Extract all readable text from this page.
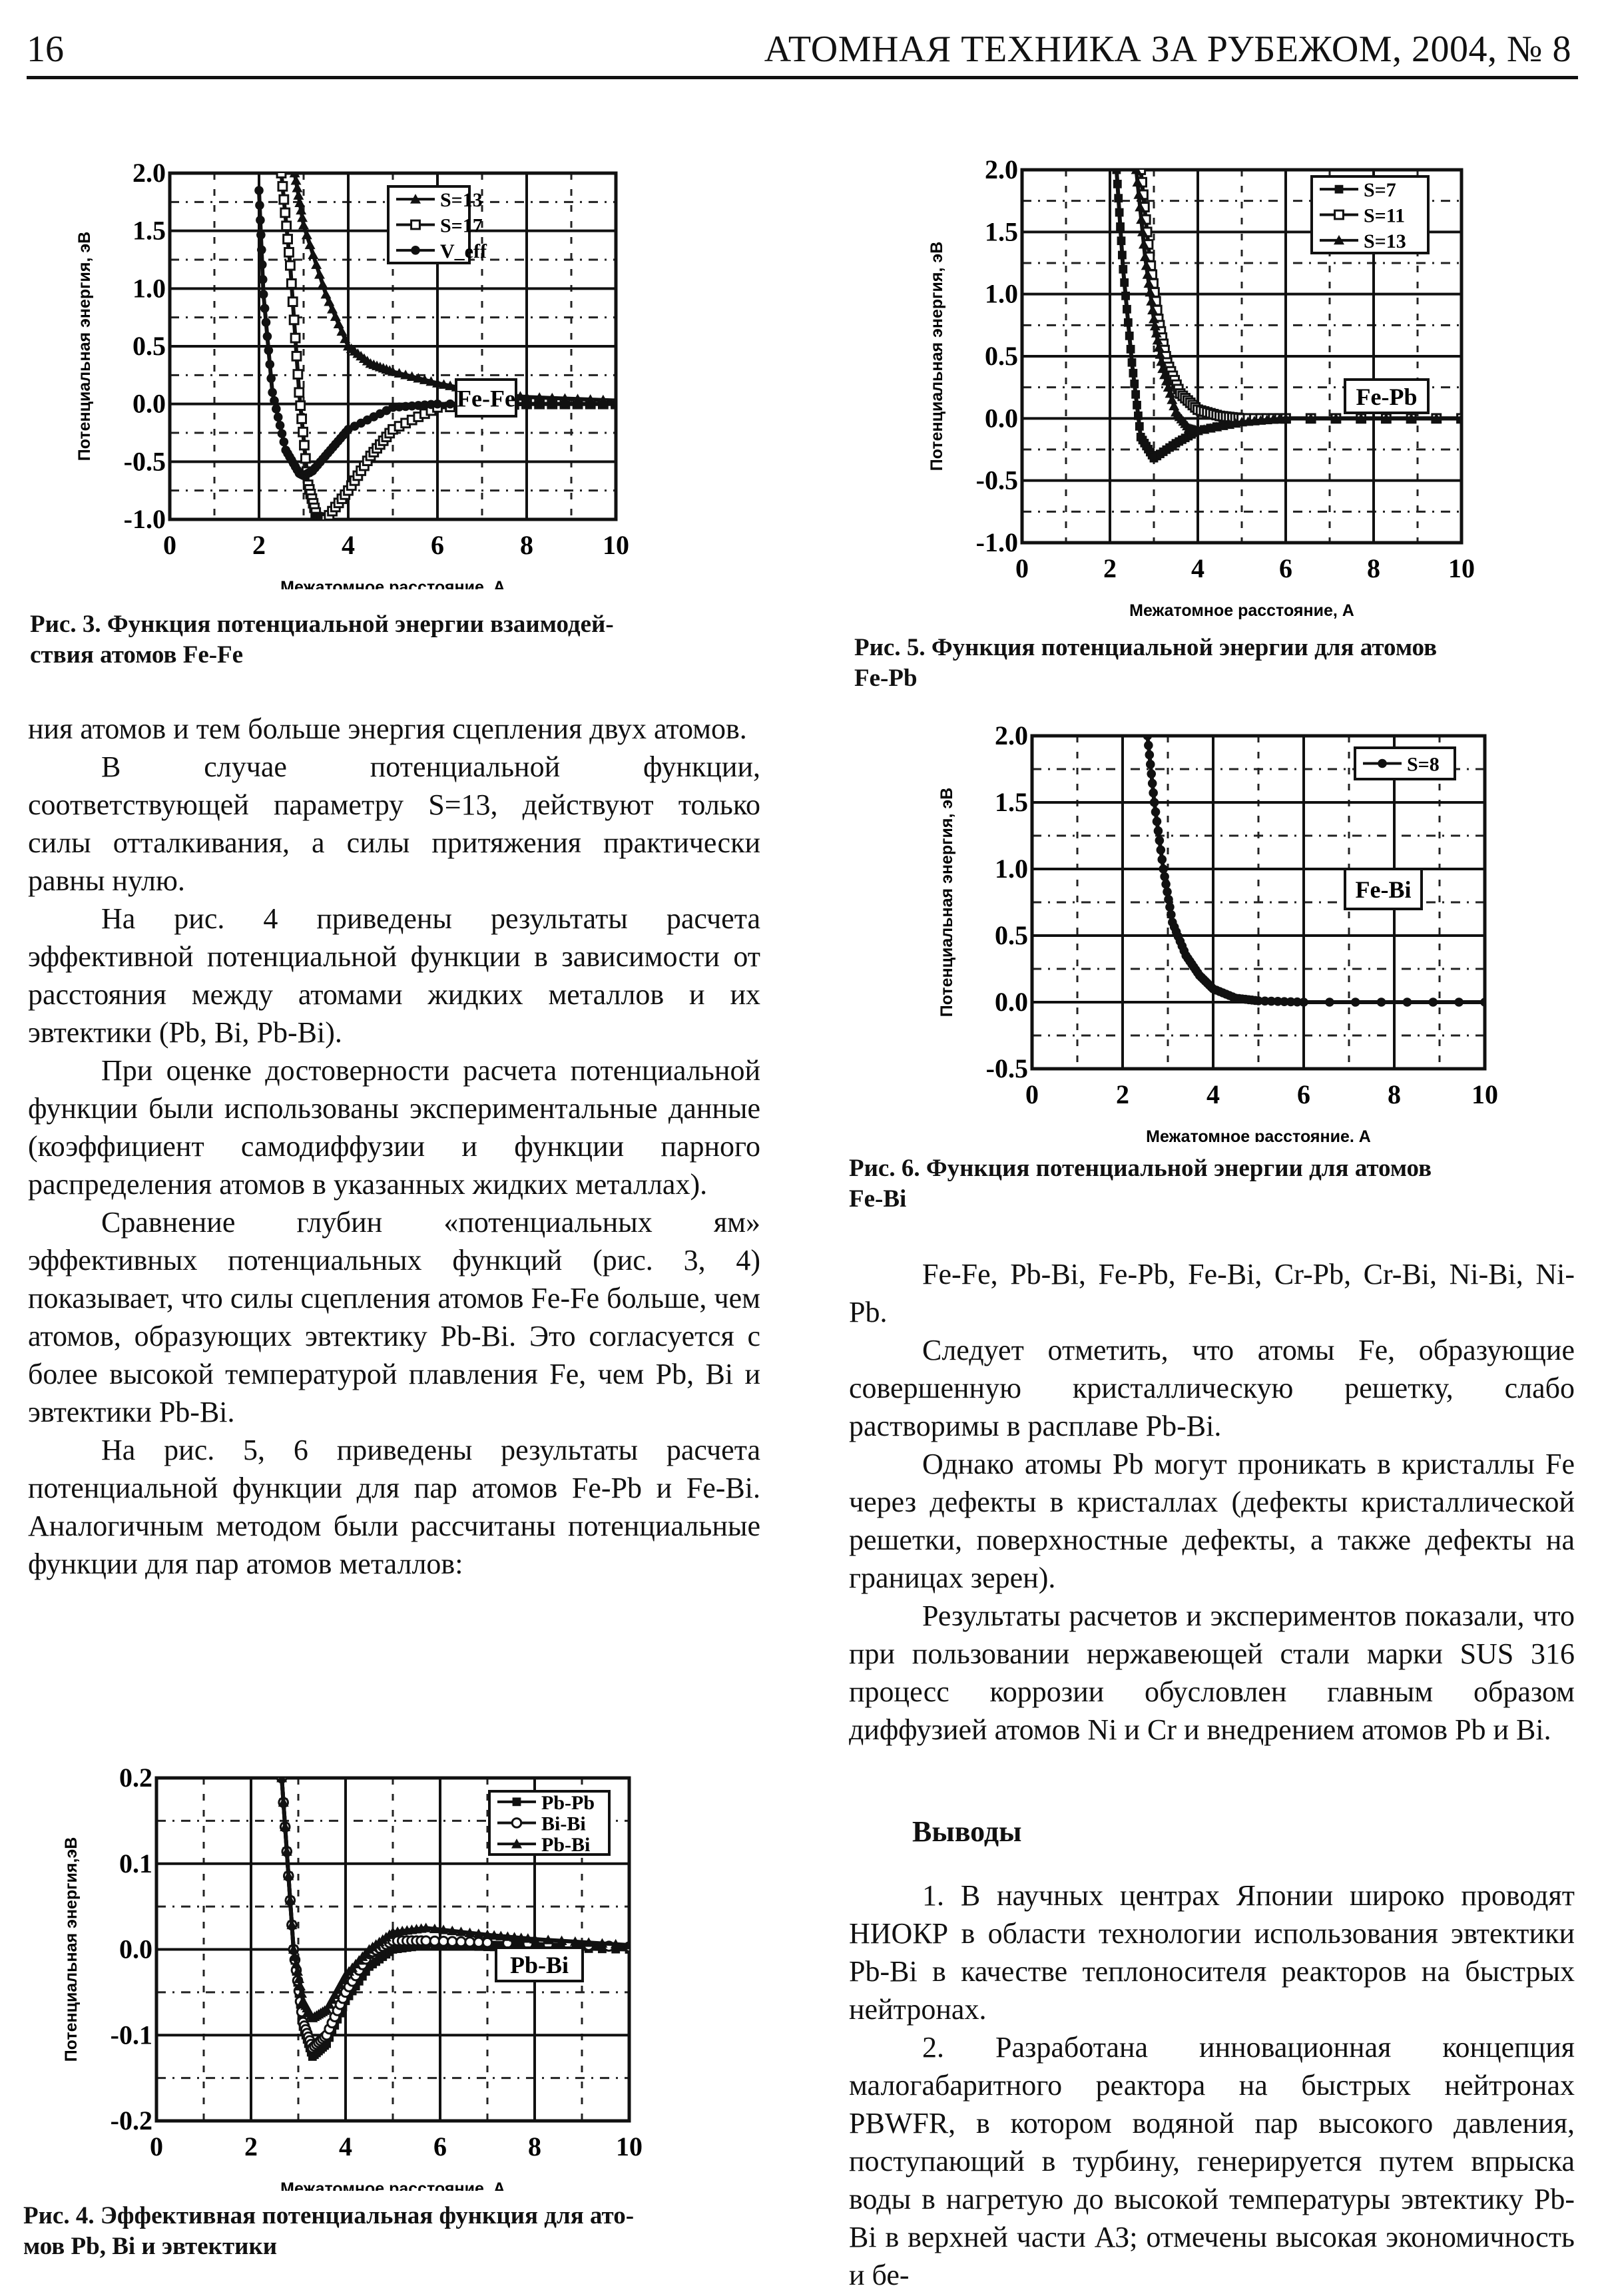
16	АТОМНАЯ ТЕХНИКА ЗА РУБЕЖОМ, 2004, № 8
0	2	4	6	8	10
-1.0
-0.5
0.0
0.5
1.0
1.5
2.0
Межатомное расстояние, А
Потенциальная энергия, эВ
S=13
S=17
V_eff
Fe-Fe
Рис. 3. Функция потенциальной энергии взаимодей-
ствия атомов Fe-Fe

ния атомов и тем больше энергия сцепления двух атомов.

В случае потенциальной функции, соответствующей параметру S=13, действуют только силы отталкивания, а силы притяжения практически равны нулю.

На рис. 4 приведены результаты расчета эффективной потенциальной функции в зависимости от расстояния между атомами жидких металлов и их эвтектики (Pb, Bi, Pb-Bi).

При оценке достоверности расчета потенциальной функции были использованы экспериментальные данные (коэффициент самодиффузии и функции парного распределения атомов в указанных жидких металлах).

Сравнение глубин «потенциальных ям» эффективных потенциальных функций (рис. 3, 4) показывает, что силы сцепления атомов Fe-Fe больше, чем атомов, образующих эвтектику Pb-Bi. Это согласуется с более высокой температурой плавления Fe, чем Pb, Bi и эвтектики Pb-Bi.

На рис. 5, 6 приведены результаты расчета потенциальной функции для пар атомов Fe-Pb и Fe-Bi. Аналогичным методом были рассчитаны потенциальные функции для пар атомов металлов:

0	2	4	6	8	10
-0.2
-0.1
0.0
0.1
0.2
Межатомное расстояние, А
Потенциальная энергия,эВ
Pb-Pb
Bi-Bi
Pb-Bi
Pb-Bi
Рис. 4. Эффективная потенциальная функция для ато-
мов Pb, Bi и эвтектики
0	2	4	6	8	10
-1.0
-0.5
0.0
0.5
1.0
1.5
2.0
Межатомное расстояние, А
Потенциальная энергия, эВ
S=7
S=11
S=13
Fe-Pb
Рис. 5. Функция потенциальной энергии для атомов
Fe-Pb
0	2	4	6	8	10
-0.5
0.0
0.5
1.0
1.5
2.0
Межатомное расстояние, А
Потенциальная энергия, эВ
S=8
Fe-Bi
Рис. 6. Функция потенциальной энергии для атомов
Fe-Bi

Fe-Fe, Pb-Bi, Fe-Pb, Fe-Bi, Cr-Pb, Cr-Bi, Ni-Bi, Ni-Pb.

Следует отметить, что атомы Fe, образующие совершенную кристаллическую решетку, слабо растворимы в расплаве Pb-Bi.

Однако атомы Pb могут проникать в кристаллы Fe через дефекты в кристаллах (дефекты кристаллической решетки, поверхностные дефекты, а также дефекты на границах зерен).

Результаты расчетов и экспериментов показали, что при пользовании нержавеющей стали марки SUS 316 процесс коррозии обусловлен главным образом диффузией атомов Ni и Cr и внедрением атомов Pb и Bi.

Выводы

1. В научных центрах Японии широко проводят НИОКР в области технологии использования эвтектики Pb-Bi в качестве теплоносителя реакторов на быстрых нейтронах.

2. Разработана инновационная концепция малогабаритного реактора на быстрых нейтронах PBWFR, в котором водяной пар высокого давления, поступающий в турбину, генерируется путем впрыска воды в нагретую до высокой температуры эвтектику Pb-Bi в верхней части АЗ; отмечены высокая экономичность и бе-
